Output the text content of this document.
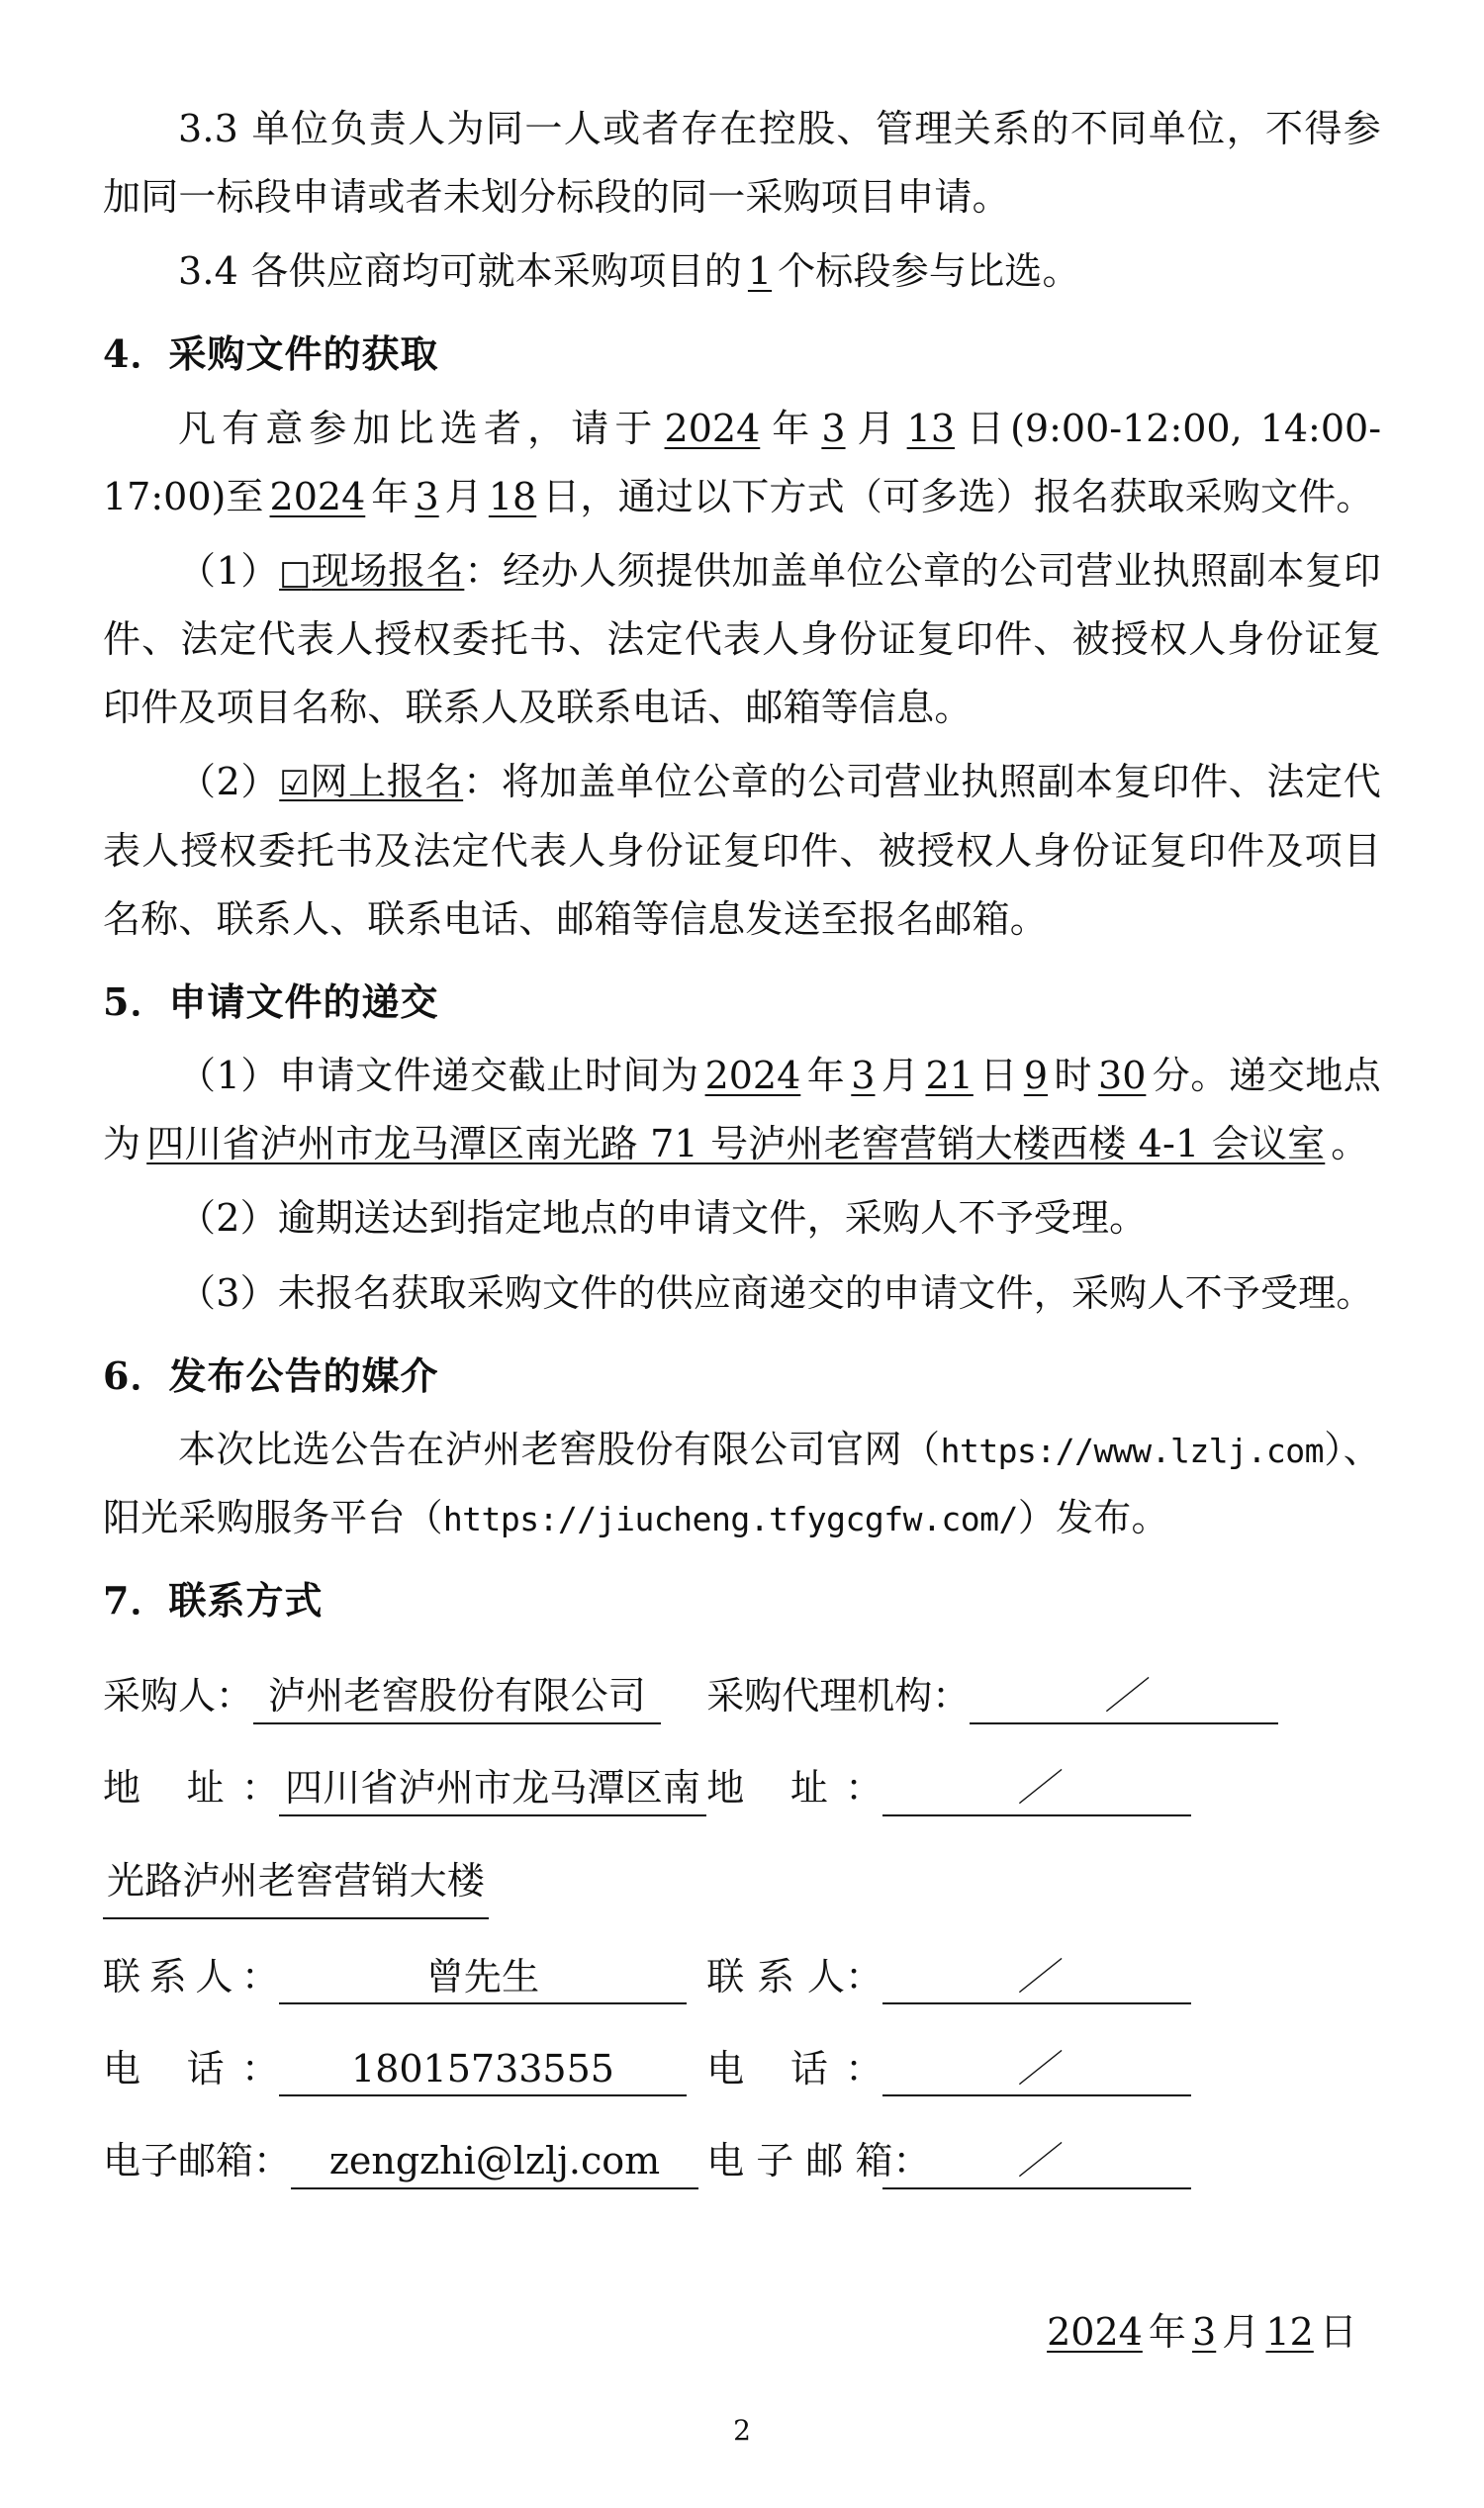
3.3 单位负责人为同一人或者存在控股、管理关系的不同单位，不得参加同一标段申请或者未划分标段的同一采购项目申请。

3.4 各供应商均可就本采购项目的 1 个标段参与比选。

4．采购文件的获取

凡有意参加比选者，请于 2024 年 3 月 13 日(9:00-12:00, 14:00-17:00)至 2024 年 3 月 18 日，通过以下方式（可多选）报名获取采购文件。

（1） □ 现场报名：经办人须提供加盖单位公章的公司营业执照副本复印件、法定代表人授权委托书、法定代表人身份证复印件、被授权人身份证复印件及项目名称、联系人及联系电话、邮箱等信息。

（2） ☑ 网上报名：将加盖单位公章的公司营业执照副本复印件、法定代表人授权委托书及法定代表人身份证复印件、被授权人身份证复印件及项目名称、联系人、联系电话、邮箱等信息发送至报名邮箱。

5．申请文件的递交

（1）申请文件递交截止时间为 2024 年 3 月 21 日 9 时 30 分。递交地点为 四川省泸州市龙马潭区南光路 71 号泸州老窖营销大楼西楼 4-1 会议室 。

（2）逾期送达到指定地点的申请文件，采购人不予受理。

（3）未报名获取采购文件的供应商递交的申请文件，采购人不予受理。

6．发布公告的媒介

本次比选公告在泸州老窖股份有限公司官网（https://www.lzlj.com）、阳光采购服务平台（https://jiucheng.tfygcgfw.com/）发布。

7．联系方式

采购人： 泸州老窖股份有限公司	采购代理机构： ／
地 址： 四川省泸州市龙马潭区南	地 址： ／
光路泸州老窖营销大楼	
联系人： 曾先生	联 系 人： ／
电 话： 18015733555	电 话： ／
电子邮箱： zengzhi@lzlj.com	电 子 邮 箱： ／
2024 年 3 月 12 日
2
